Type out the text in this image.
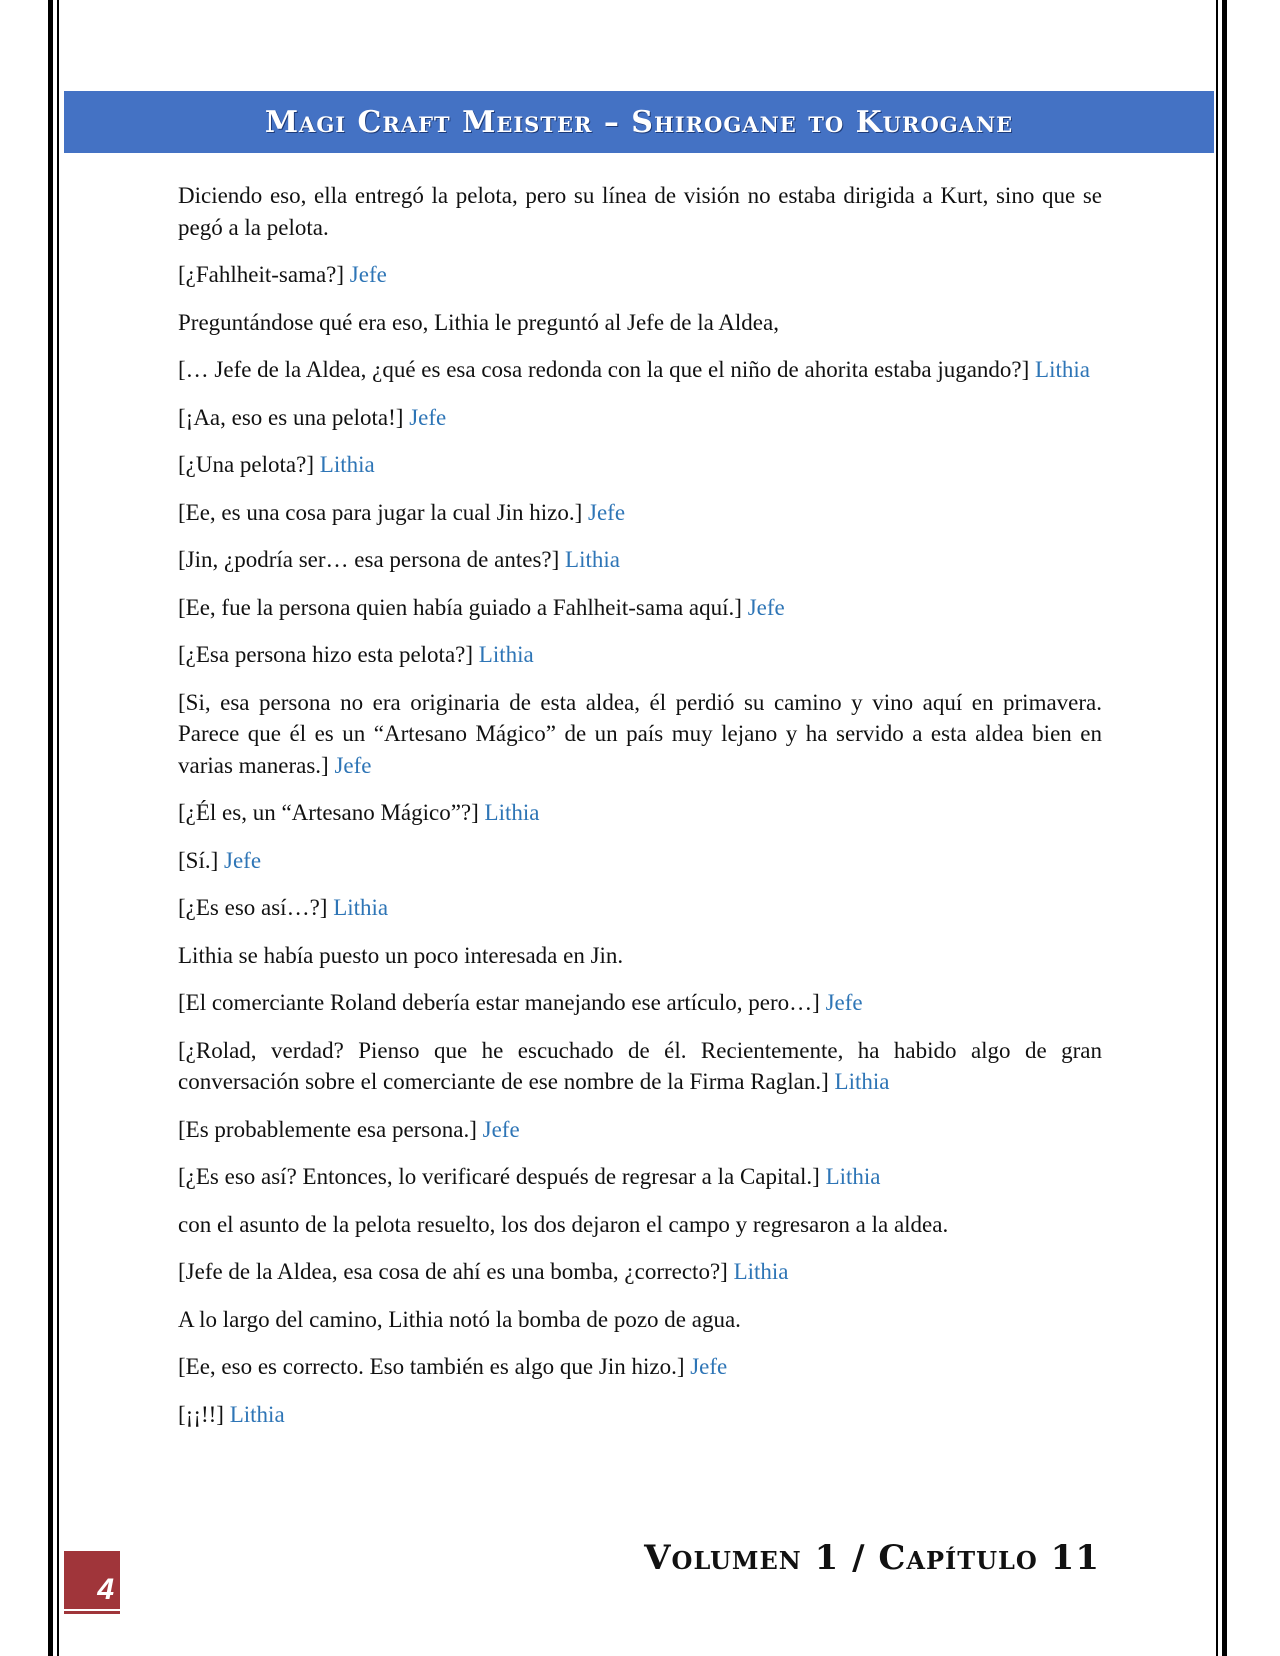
Magi Craft Meister – Shirogane to Kurogane

Diciendo eso, ella entregó la pelota, pero su línea de visión no estaba dirigida a Kurt, sino que se pegó a la pelota.

[¿Fahlheit-sama?] Jefe

Preguntándose qué era eso, Lithia le preguntó al Jefe de la Aldea,

[… Jefe de la Aldea, ¿qué es esa cosa redonda con la que el niño de ahorita estaba jugando?] Lithia

[¡Aa, eso es una pelota!] Jefe

[¿Una pelota?] Lithia

[Ee, es una cosa para jugar la cual Jin hizo.] Jefe

[Jin, ¿podría ser… esa persona de antes?] Lithia

[Ee, fue la persona quien había guiado a Fahlheit-sama aquí.] Jefe

[¿Esa persona hizo esta pelota?] Lithia

[Si, esa persona no era originaria de esta aldea, él perdió su camino y vino aquí en primavera. Parece que él es un “Artesano Mágico” de un país muy lejano y ha servido a esta aldea bien en varias maneras.] Jefe

[¿Él es, un “Artesano Mágico”?] Lithia

[Sí.] Jefe

[¿Es eso así…?] Lithia

Lithia se había puesto un poco interesada en Jin.

[El comerciante Roland debería estar manejando ese artículo, pero…] Jefe

[¿Rolad, verdad? Pienso que he escuchado de él. Recientemente, ha habido algo de gran conversación sobre el comerciante de ese nombre de la Firma Raglan.] Lithia

[Es probablemente esa persona.] Jefe

[¿Es eso así? Entonces, lo verificaré después de regresar a la Capital.] Lithia

con el asunto de la pelota resuelto, los dos dejaron el campo y regresaron a la aldea.

[Jefe de la Aldea, esa cosa de ahí es una bomba, ¿correcto?] Lithia

A lo largo del camino, Lithia notó la bomba de pozo de agua.

[Ee, eso es correcto. Eso también es algo que Jin hizo.] Jefe

[¡¡!!] Lithia

Volumen 1 / Capítulo 11
4
